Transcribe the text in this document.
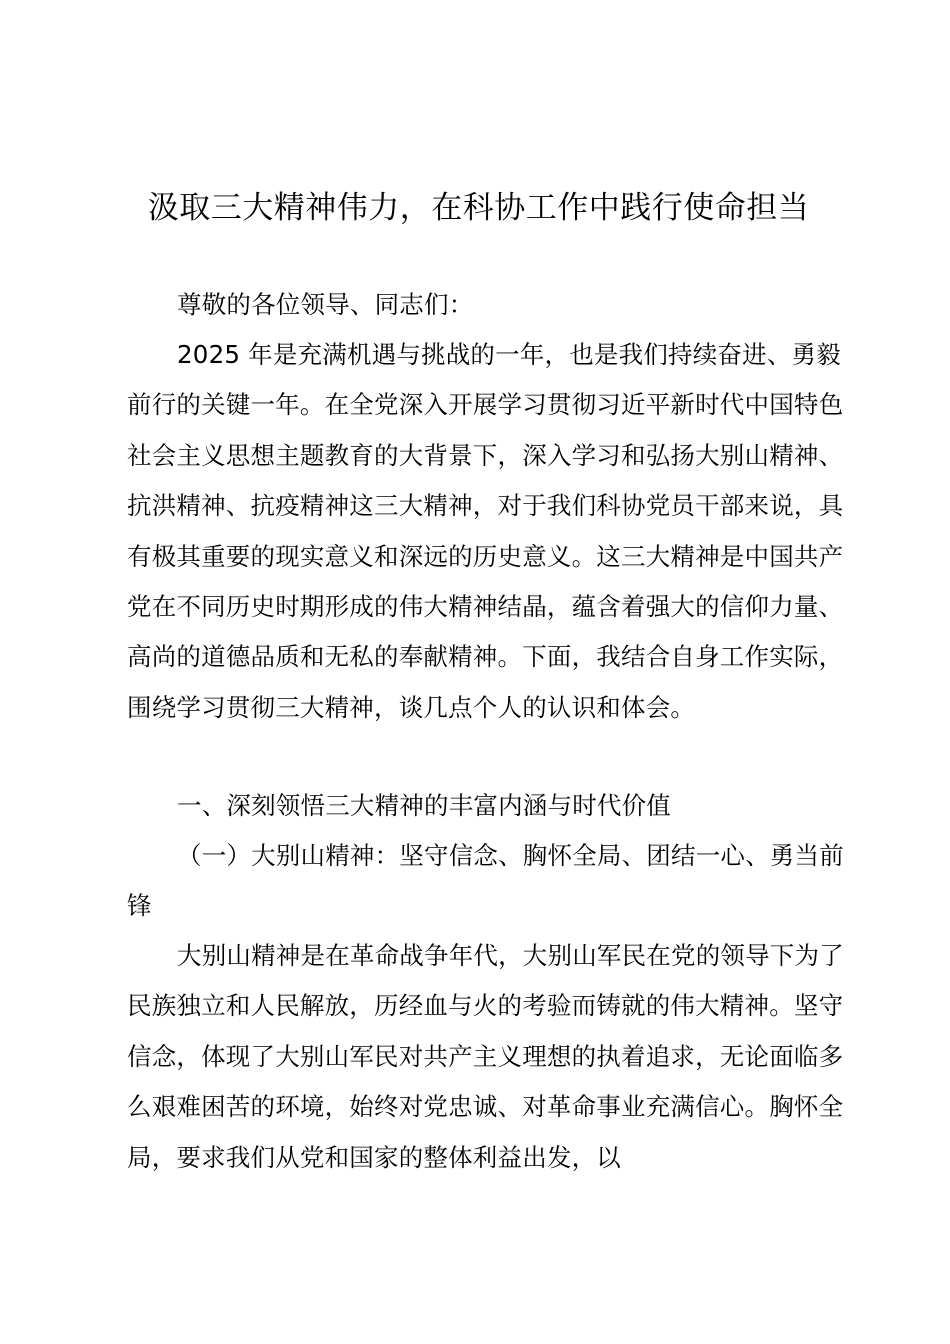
汲取三大精神伟力，在科协工作中践行使命担当

尊敬的各位领导、同志们：

2025 年是充满机遇与挑战的一年，也是我们持续奋进、勇毅前行的关键一年。在全党深入开展学习贯彻习近平新时代中国特色社会主义思想主题教育的大背景下，深入学习和弘扬大别山精神、抗洪精神、抗疫精神这三大精神，对于我们科协党员干部来说，具有极其重要的现实意义和深远的历史意义。这三大精神是中国共产党在不同历史时期形成的伟大精神结晶，蕴含着强大的信仰力量、高尚的道德品质和无私的奉献精神。下面，我结合自身工作实际，围绕学习贯彻三大精神，谈几点个人的认识和体会。

一、深刻领悟三大精神的丰富内涵与时代价值

（一）大别山精神：坚守信念、胸怀全局、团结一心、勇当前锋

大别山精神是在革命战争年代，大别山军民在党的领导下为了民族独立和人民解放，历经血与火的考验而铸就的伟大精神。坚守信念，体现了大别山军民对共产主义理想的执着追求，无论面临多么艰难困苦的环境，始终对党忠诚、对革命事业充满信心。胸怀全局，要求我们从党和国家的整体利益出发，以
